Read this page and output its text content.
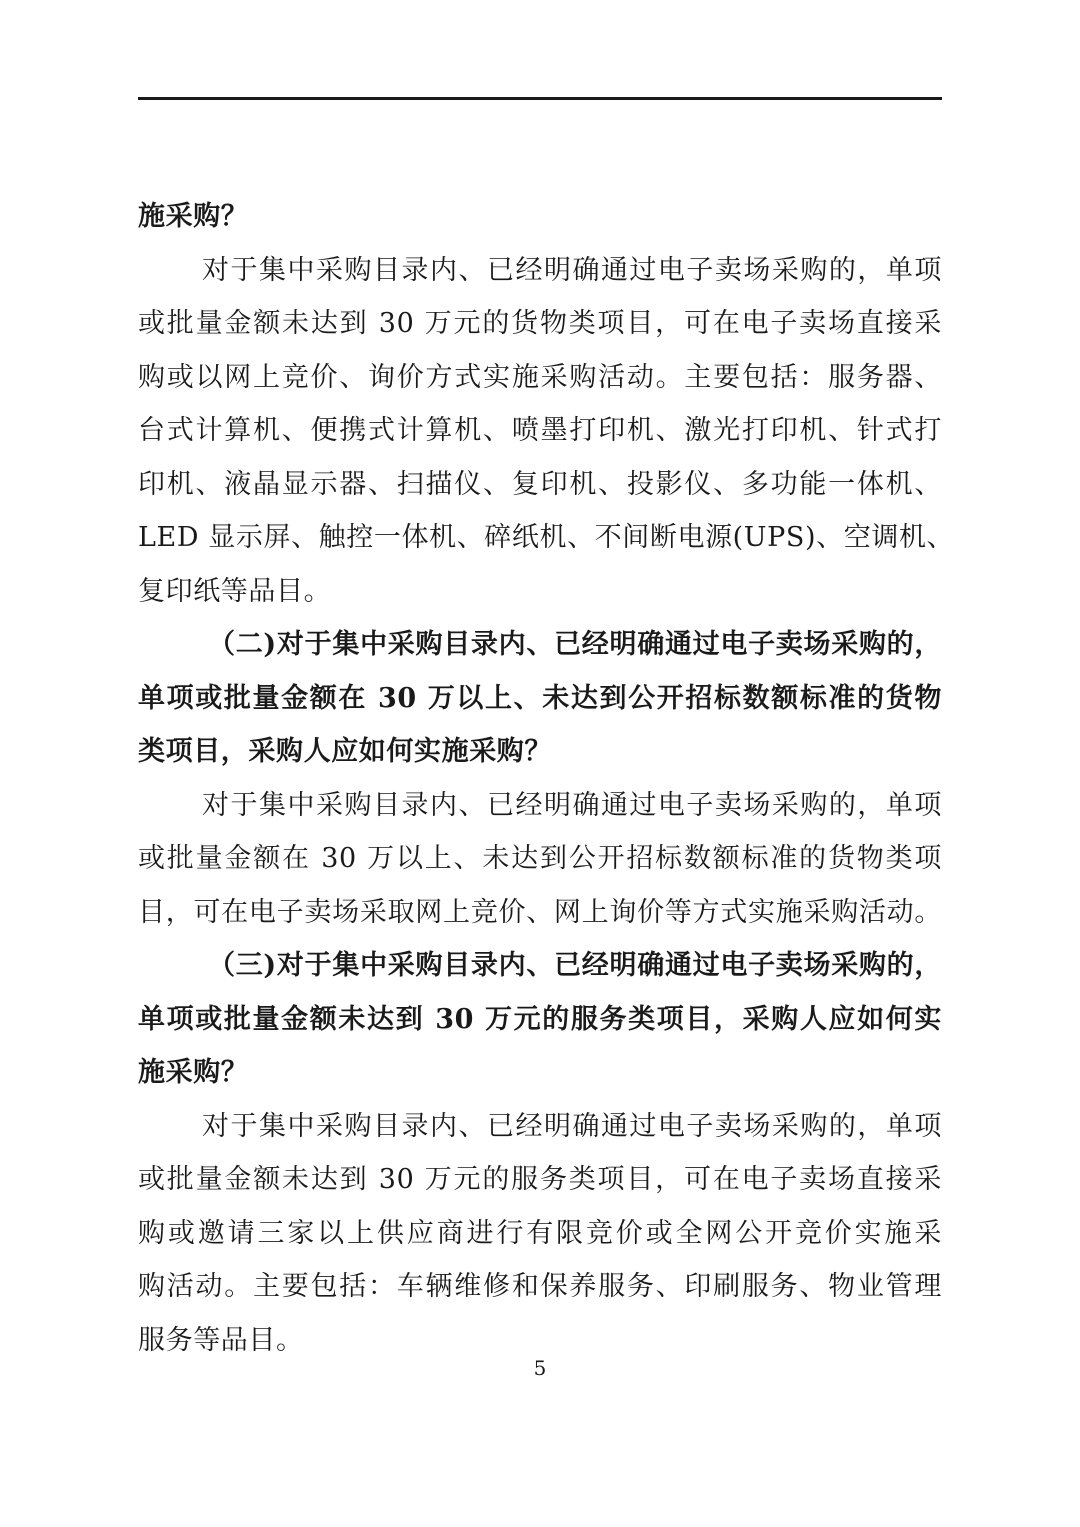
施采购？
对于集中采购目录内、已经明确通过电子卖场采购的，单项
或批量金额未达到 30 万元的货物类项目，可在电子卖场直接采
购或以网上竞价、询价方式实施采购活动。主要包括：服务器、
台式计算机、便携式计算机、喷墨打印机、激光打印机、针式打
印机、液晶显示器、扫描仪、复印机、投影仪、多功能一体机、
LED 显示屏、触控一体机、碎纸机、不间断电源(UPS)、空调机、
复印纸等品目。
（二)对于集中采购目录内、已经明确通过电子卖场采购的，
单项或批量金额在 30 万以上、未达到公开招标数额标准的货物
类项目，采购人应如何实施采购？
对于集中采购目录内、已经明确通过电子卖场采购的，单项
或批量金额在 30 万以上、未达到公开招标数额标准的货物类项
目，可在电子卖场采取网上竞价、网上询价等方式实施采购活动。
（三)对于集中采购目录内、已经明确通过电子卖场采购的，
单项或批量金额未达到 30 万元的服务类项目，采购人应如何实
施采购？
对于集中采购目录内、已经明确通过电子卖场采购的，单项
或批量金额未达到 30 万元的服务类项目，可在电子卖场直接采
购或邀请三家以上供应商进行有限竞价或全网公开竞价实施采
购活动。主要包括：车辆维修和保养服务、印刷服务、物业管理
服务等品目。
5
